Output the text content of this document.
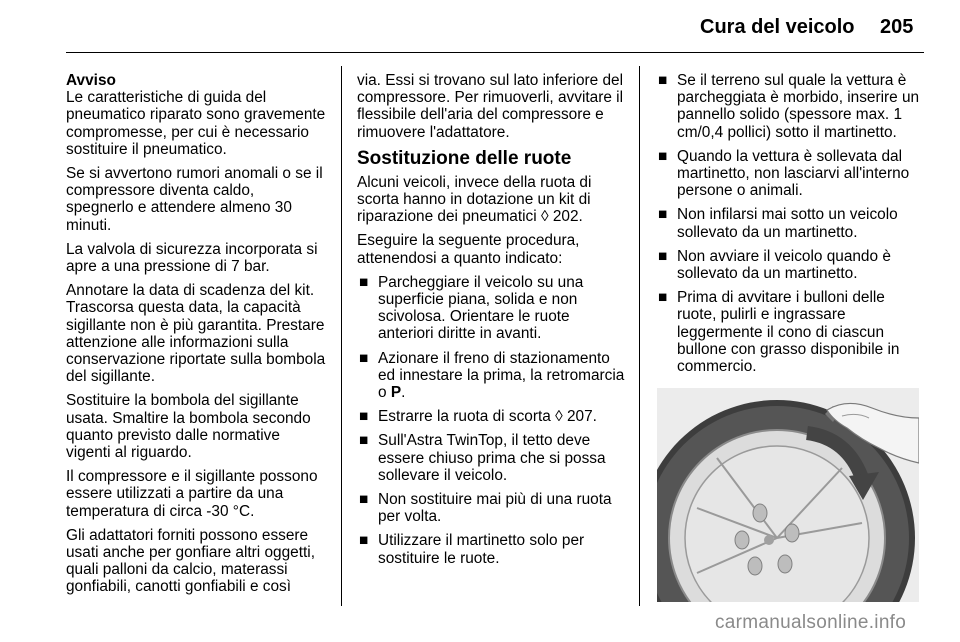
Cura del veicolo 205

Avviso

Le caratteristiche di guida del pneumatico riparato sono gravemente compromesse, per cui è necessario sostituire il pneumatico.

Se si avvertono rumori anomali o se il compressore diventa caldo, spegnerlo e attendere almeno 30 minuti.

La valvola di sicurezza incorporata si apre a una pressione di 7 bar.

Annotare la data di scadenza del kit. Trascorsa questa data, la capacità sigillante non è più garantita. Prestare attenzione alle informazioni sulla conservazione riportate sulla bombola del sigillante.

Sostituire la bombola del sigillante usata. Smaltire la bombola secondo quanto previsto dalle normative vigenti al riguardo.

Il compressore e il sigillante possono essere utilizzati a partire da una temperatura di circa -30 °C.

Gli adattatori forniti possono essere usati anche per gonfiare altri oggetti, quali palloni da calcio, materassi gonfiabili, canotti gonfiabili e così

via. Essi si trovano sul lato inferiore del compressore. Per rimuoverli, avvitare il flessibile dell'aria del compressore e rimuovere l'adattatore.

Sostituzione delle ruote

Alcuni veicoli, invece della ruota di scorta hanno in dotazione un kit di riparazione dei pneumatici ◊ 202.

Eseguire la seguente procedura, attenendosi a quanto indicato:

■ Parcheggiare il veicolo su una superficie piana, solida e non scivolosa. Orientare le ruote anteriori diritte in avanti.
■ Azionare il freno di stazionamento ed innestare la prima, la retromarcia o P.
■ Estrarre la ruota di scorta ◊ 207.
■ Sull'Astra TwinTop, il tetto deve essere chiuso prima che si possa sollevare il veicolo.
■ Non sostituire mai più di una ruota per volta.
■ Utilizzare il martinetto solo per sostituire le ruote.
■ Se il terreno sul quale la vettura è parcheggiata è morbido, inserire un pannello solido (spessore max. 1 cm/0,4 pollici) sotto il martinetto.
■ Quando la vettura è sollevata dal martinetto, non lasciarvi all'interno persone o animali.
■ Non infilarsi mai sotto un veicolo sollevato da un martinetto.
■ Non avviare il veicolo quando è sollevato da un martinetto.
■ Prima di avvitare i bulloni delle ruote, pulirli e ingrassare leggermente il cono di ciascun bullone con grasso disponibile in commercio.
carmanualsonline.info
